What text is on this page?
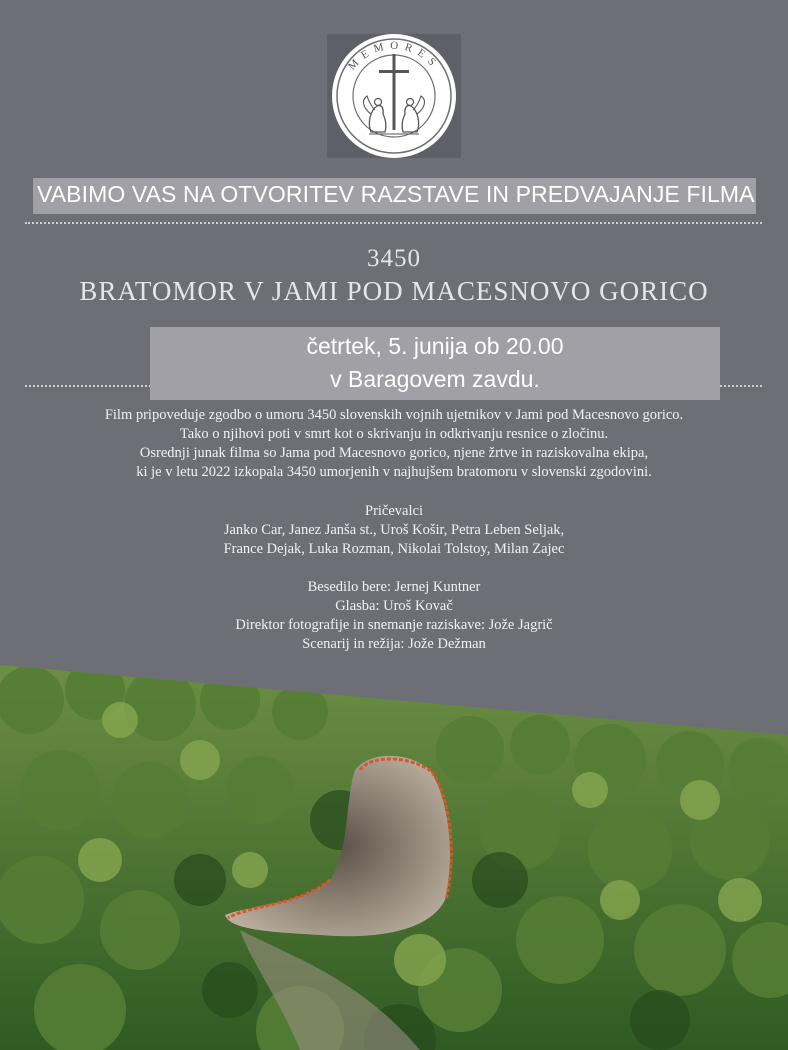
MEMORES
VABIMO VAS NA OTVORITEV RAZSTAVE IN PREDVAJANJE FILMA
3450
BRATOMOR V JAMI POD MACESNOVO GORICO
četrtek, 5. junija ob 20.00
v Baragovem zavdu.
Film pripoveduje zgodbo o umoru 3450 slovenskih vojnih ujetnikov v Jami pod Macesnovo gorico.
Tako o njihovi poti v smrt kot o skrivanju in odkrivanju resnice o zločinu.
Osrednji junak filma so Jama pod Macesnovo gorico, njene žrtve in raziskovalna ekipa,
ki je v letu 2022 izkopala 3450 umorjenih v najhujšem bratomoru v slovenski zgodovini.
Pričevalci
Janko Car, Janez Janša st., Uroš Košir, Petra Leben Seljak,
France Dejak, Luka Rozman, Nikolai Tolstoy, Milan Zajec
Besedilo bere: Jernej Kuntner
Glasba: Uroš Kovač
Direktor fotografije in snemanje raziskave: Jože Jagrič
Scenarij in režija: Jože Dežman
